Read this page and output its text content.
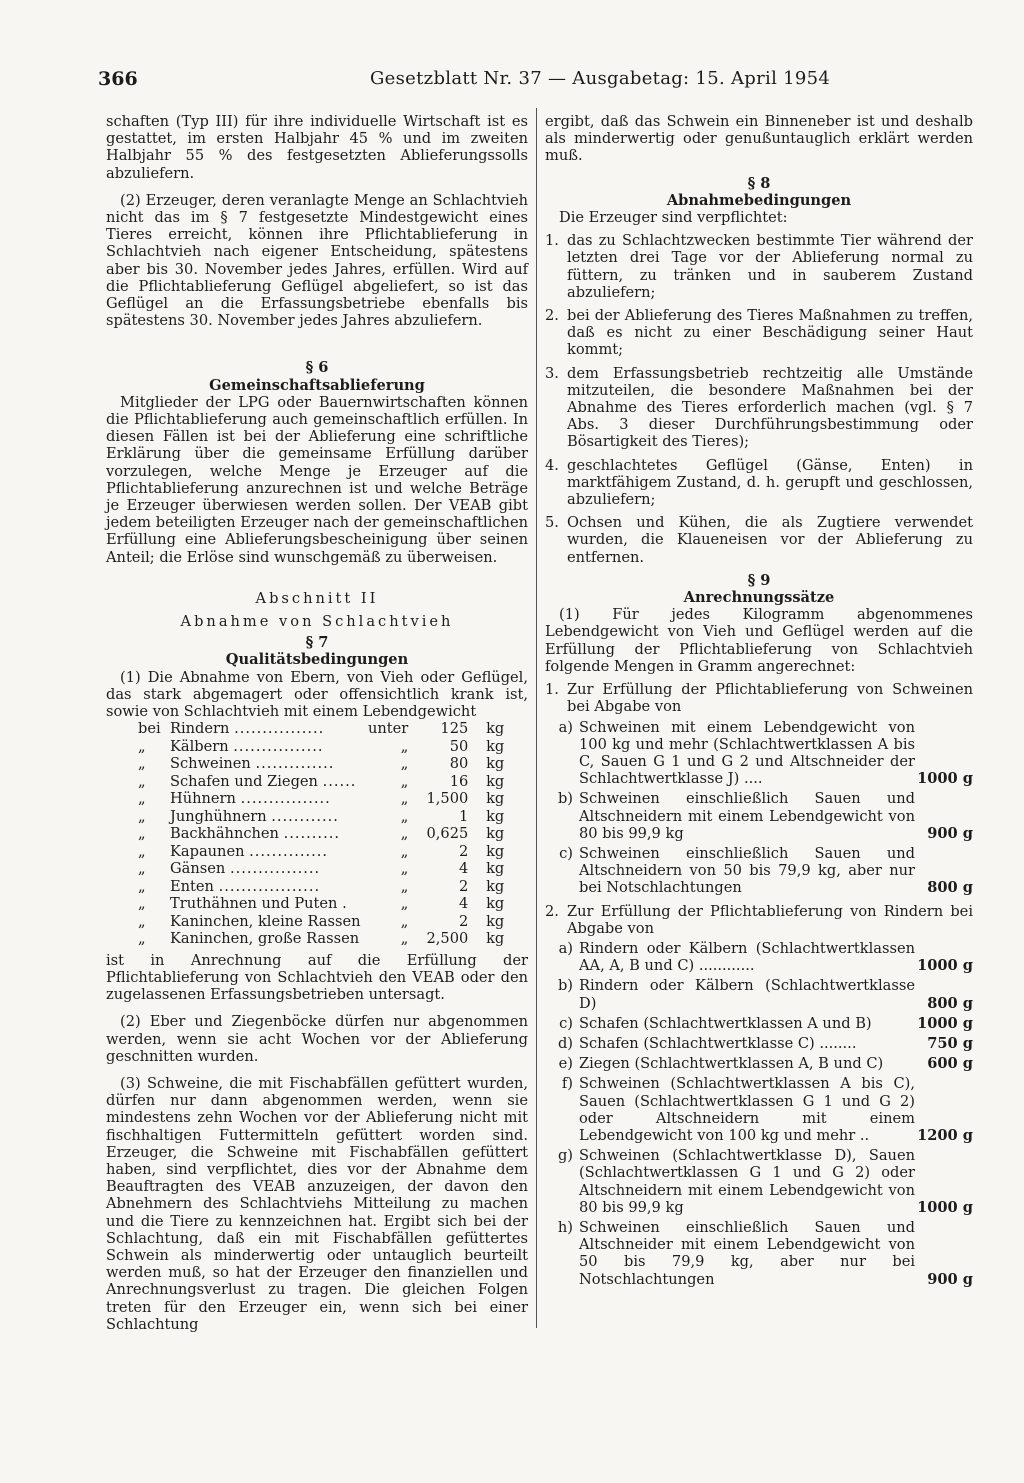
366	Gesetzblatt Nr. 37 — Ausgabetag: 15. April 1954

schaften (Typ III) für ihre individuelle Wirtschaft ist es gestattet, im ersten Halbjahr 45 % und im zweiten Halbjahr 55 % des festgesetzten Ablieferungssolls abzuliefern.

(2) Erzeuger, deren veranlagte Menge an Schlachtvieh nicht das im § 7 festgesetzte Mindestgewicht eines Tieres erreicht, können ihre Pflichtablieferung in Schlachtvieh nach eigener Entscheidung, spätestens aber bis 30. November jedes Jahres, erfüllen. Wird auf die Pflichtablieferung Geflügel abgeliefert, so ist das Geflügel an die Erfassungsbetriebe ebenfalls bis spätestens 30. November jedes Jahres abzuliefern.

§ 6

Gemeinschaftsablieferung

Mitglieder der LPG oder Bauernwirtschaften können die Pflichtablieferung auch gemeinschaftlich erfüllen. In diesen Fällen ist bei der Ablieferung eine schriftliche Erklärung über die gemeinsame Erfüllung darüber vorzulegen, welche Menge je Erzeuger auf die Pflichtablieferung anzurechnen ist und welche Beträge je Erzeuger überwiesen werden sollen. Der VEAB gibt jedem beteiligten Erzeuger nach der gemeinschaftlichen Erfüllung eine Ablieferungsbescheinigung über seinen Anteil; die Erlöse sind wunschgemäß zu überweisen.

Abschnitt II

Abnahme von Schlachtvieh

§ 7

Qualitätsbedingungen

(1) Die Abnahme von Ebern, von Vieh oder Geflügel, das stark abgemagert oder offensichtlich krank ist, sowie von Schlachtvieh mit einem Lebendgewicht

bei	Rindern ................	unter	125	kg
„	Kälbern ................	„	50	kg
„	Schweinen ..............	„	80	kg
„	Schafen und Ziegen ......	„	16	kg
„	Hühnern ................	„	1,500	kg
„	Junghühnern ............	„	1	kg
„	Backhähnchen ..........	„	0,625	kg
„	Kapaunen ..............	„	2	kg
„	Gänsen ................	„	4	kg
„	Enten ..................	„	2	kg
„	Truthähnen und Puten .	„	4	kg
„	Kaninchen, kleine Rassen	„	2	kg
„	Kaninchen, große Rassen	„	2,500	kg

ist in Anrechnung auf die Erfüllung der Pflichtablieferung von Schlachtvieh den VEAB oder den zugelassenen Erfassungsbetrieben untersagt.

(2) Eber und Ziegenböcke dürfen nur abgenommen werden, wenn sie acht Wochen vor der Ablieferung geschnitten wurden.

(3) Schweine, die mit Fischabfällen gefüttert wurden, dürfen nur dann abgenommen werden, wenn sie mindestens zehn Wochen vor der Ablieferung nicht mit fischhaltigen Futtermitteln gefüttert worden sind. Erzeuger, die Schweine mit Fischabfällen gefüttert haben, sind verpflichtet, dies vor der Abnahme dem Beauftragten des VEAB anzuzeigen, der davon den Abnehmern des Schlachtviehs Mitteilung zu machen und die Tiere zu kennzeichnen hat. Ergibt sich bei der Schlachtung, daß ein mit Fischabfällen gefüttertes Schwein als minderwertig oder untauglich beurteilt werden muß, so hat der Erzeuger den finanziellen und Anrechnungsverlust zu tragen. Die gleichen Folgen treten für den Erzeuger ein, wenn sich bei einer Schlachtung

ergibt, daß das Schwein ein Binneneber ist und deshalb als minderwertig oder genußuntauglich erklärt werden muß.

§ 8

Abnahmebedingungen

Die Erzeuger sind verpflichtet:

1. das zu Schlachtzwecken bestimmte Tier während der letzten drei Tage vor der Ablieferung normal zu füttern, zu tränken und in sauberem Zustand abzuliefern;
2. bei der Ablieferung des Tieres Maßnahmen zu treffen, daß es nicht zu einer Beschädigung seiner Haut kommt;
3. dem Erfassungsbetrieb rechtzeitig alle Umstände mitzuteilen, die besondere Maßnahmen bei der Abnahme des Tieres erforderlich machen (vgl. § 7 Abs. 3 dieser Durchführungsbestimmung oder Bösartigkeit des Tieres);
4. geschlachtetes Geflügel (Gänse, Enten) in marktfähigem Zustand, d. h. gerupft und geschlossen, abzuliefern;
5. Ochsen und Kühen, die als Zugtiere verwendet wurden, die Klaueneisen vor der Ablieferung zu entfernen.

§ 9

Anrechnungssätze

(1) Für jedes Kilogramm abgenommenes Lebendgewicht von Vieh und Geflügel werden auf die Erfüllung der Pflichtablieferung von Schlachtvieh folgende Mengen in Gramm angerechnet:

1. Zur Erfüllung der Pflichtablieferung von Schweinen bei Abgabe von
a) Schweinen mit einem Lebendgewicht von 100 kg und mehr (Schlachtwertklassen A bis C, Sauen G 1 und G 2 und Altschneider der Schlachtwertklasse J) ....	1000 g
b) Schweinen einschließlich Sauen und Altschneidern mit einem Lebendgewicht von 80 bis 99,9 kg	900 g
c) Schweinen einschließlich Sauen und Altschneidern von 50 bis 79,9 kg, aber nur bei Notschlachtungen	800 g
2. Zur Erfüllung der Pflichtablieferung von Rindern bei Abgabe von
a) Rindern oder Kälbern (Schlachtwertklassen AA, A, B und C) ............	1000 g
b) Rindern oder Kälbern (Schlachtwertklasse D)	800 g
c) Schafen (Schlachtwertklassen A und B)	1000 g
d) Schafen (Schlachtwertklasse C) ........	750 g
e) Ziegen (Schlachtwertklassen A, B und C)	600 g
f) Schweinen (Schlachtwertklassen A bis C), Sauen (Schlachtwertklassen G 1 und G 2) oder Altschneidern mit einem Lebendgewicht von 100 kg und mehr ..	1200 g
g) Schweinen (Schlachtwertklasse D), Sauen (Schlachtwertklassen G 1 und G 2) oder Altschneidern mit einem Lebendgewicht von 80 bis 99,9 kg	1000 g
h) Schweinen einschließlich Sauen und Altschneider mit einem Lebendgewicht von 50 bis 79,9 kg, aber nur bei Notschlachtungen	900 g
